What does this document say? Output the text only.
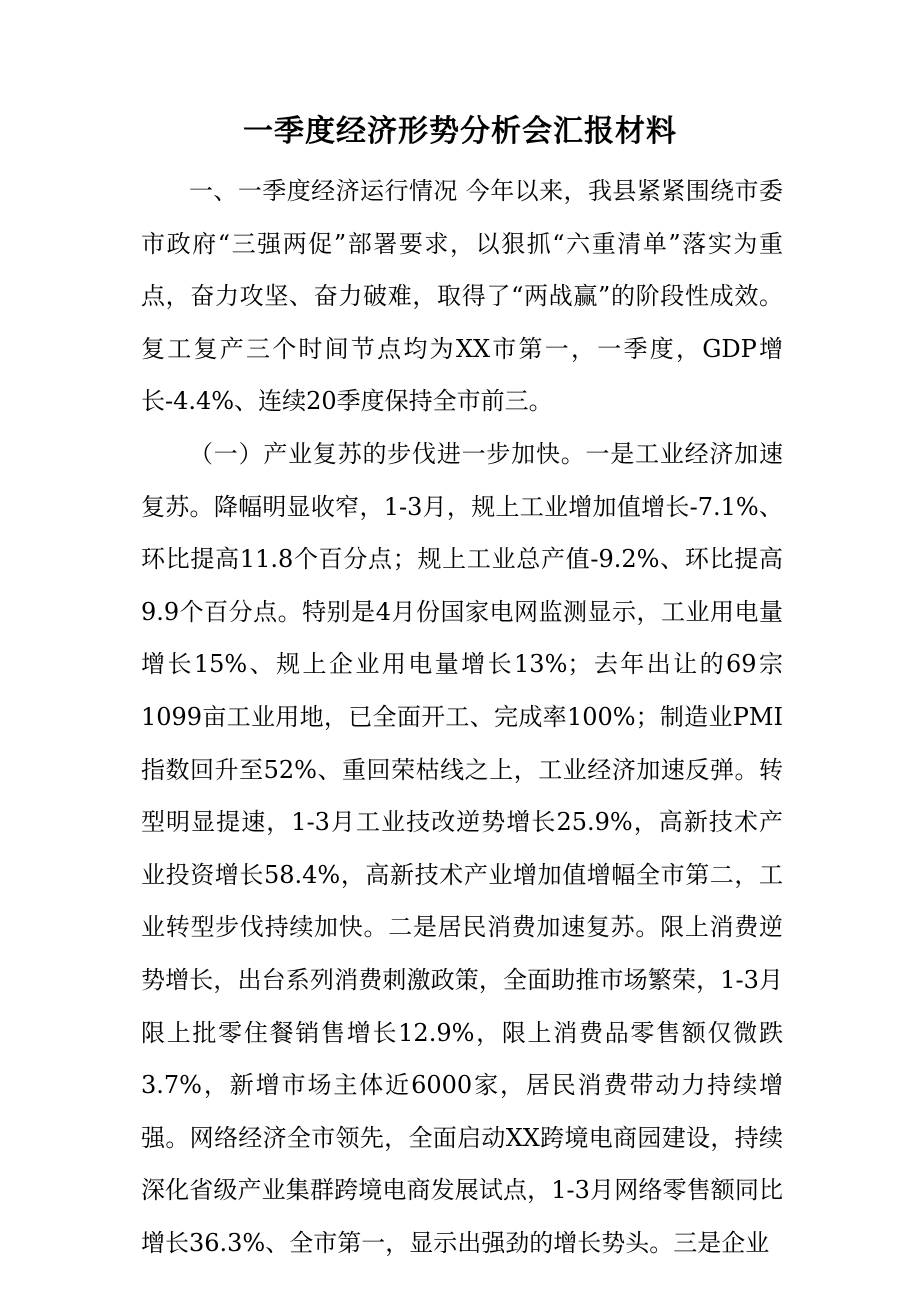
一季度经济形势分析会汇报材料

一、一季度经济运行情况 今年以来，我县紧紧围绕市委市政府“三强两促”部署要求，以狠抓“六重清单”落实为重点，奋力攻坚、奋力破难，取得了“两战赢”的阶段性成效。复工复产三个时间节点均为XX市第一，一季度，GDP增长-4.4%、连续20季度保持全市前三。

（一）产业复苏的步伐进一步加快。一是工业经济加速复苏。降幅明显收窄，1-3月，规上工业增加值增长-7.1%、环比提高11.8个百分点；规上工业总产值-9.2%、环比提高9.9个百分点。特别是4月份国家电网监测显示，工业用电量增长15%、规上企业用电量增长13%；去年出让的69宗1099亩工业用地，已全面开工、完成率100%；制造业PMI指数回升至52%、重回荣枯线之上，工业经济加速反弹。转型明显提速，1-3月工业技改逆势增长25.9%，高新技术产业投资增长58.4%，高新技术产业增加值增幅全市第二，工业转型步伐持续加快。二是居民消费加速复苏。限上消费逆势增长，出台系列消费刺激政策，全面助推市场繁荣，1-3月限上批零住餐销售增长12.9%，限上消费品零售额仅微跌3.7%，新增市场主体近6000家，居民消费带动力持续增强。网络经济全市领先，全面启动XX跨境电商园建设，持续深化省级产业集群跨境电商发展试点，1-3月网络零售额同比增长36.3%、全市第一，显示出强劲的增长势头。三是企业
